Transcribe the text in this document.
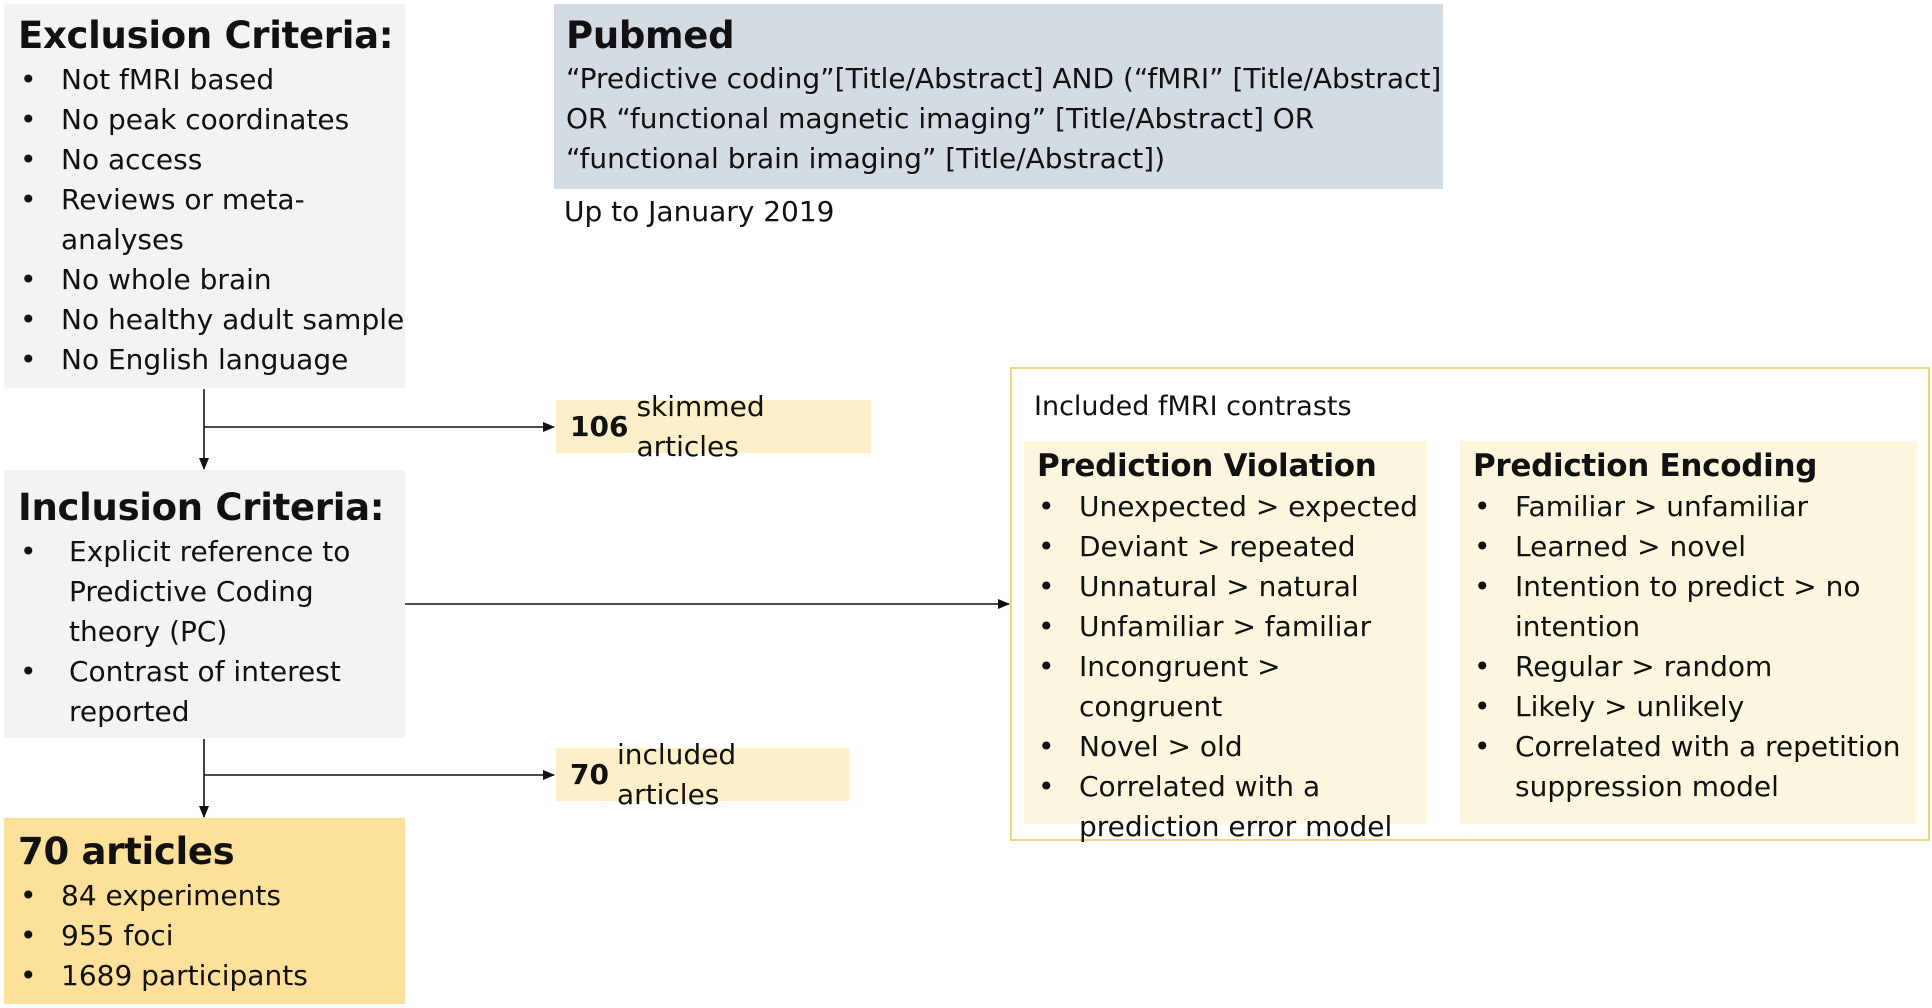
Exclusion Criteria:

• Not fMRI based
• No peak coordinates
• No access
• Reviews or meta-
analyses
• No whole brain
• No healthy adult sample
• No English language

Pubmed

“Predictive coding”[Title/Abstract] AND (“fMRI” [Title/Abstract]
OR “functional magnetic imaging” [Title/Abstract] OR
“functional brain imaging” [Title/Abstract])
Up to January 2019
106
skimmed articles

Inclusion Criteria:

• Explicit reference to
Predictive Coding
theory (PC)
• Contrast of interest
reported
70
included articles

70 articles

• 84 experiments
• 955 foci
• 1689 participants
Included fMRI contrasts

Prediction Violation

• Unexpected > expected
• Deviant > repeated
• Unnatural > natural
• Unfamiliar > familiar
• Incongruent > congruent
• Novel > old
• Correlated with a
prediction error model

Prediction Encoding

• Familiar > unfamiliar
• Learned > novel
• Intention to predict > no
intention
• Regular > random
• Likely > unlikely
• Correlated with a repetition
suppression model
